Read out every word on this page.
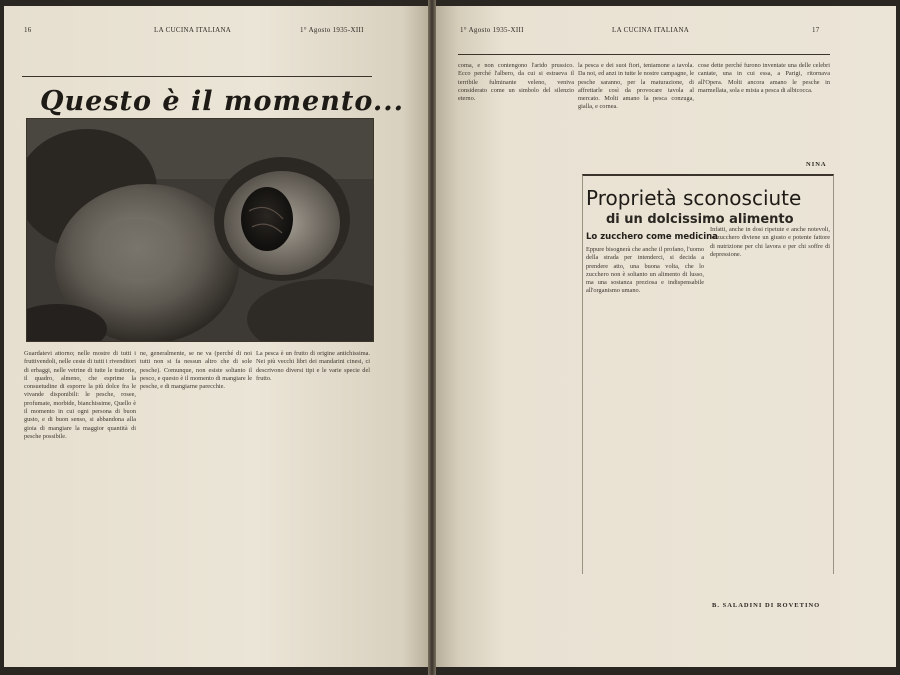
16	LA CUCINA ITALIANA	1° Agosto 1935-XIII
Questo è il momento...

Guardatevi attorno; nelle mostre di tutti i fruttivendoli, nelle ceste di tutti i rivenditori di erbaggi, nelle vetrine di tutte le trattorie, il quadro, almeno, che esprime la consuetudine di esporre la più dolce fra le vivande disponibili: le pesche, rosee, profumate, morbide, bianchissime, Quello è il momento in cui ogni persona di buon gusto, e di buon senso, si abbandona alla gioia di mangiare la maggior quantità di pesche possibile.

ne, generalmente, se ne va (perché di noi tutti non si fa nessun altro che di sole pesche). Comunque, non esiste soltanto il pesco, e questo è il momento di mangiare le pesche, e di mangiarne parecchie.

La pesca è un frutto di origine antichissima. Nei più vecchi libri dei mandarini cinesi, ci descrivono diversi tipi e le varie specie del frutto.

1° Agosto 1935-XIII	LA CUCINA ITALIANA	17

coma, e non contengono l'arido prussico. Ecco perché l'albero, da cui si estraeva il terribile fulminante veleno, veniva considerato come un simbolo del silenzio eterno.

la pesca e dei suoi fiori, teniamone a tavola. Da noi, ed anzi in tutte le nostre campagne, le pesche saranno, per la maturazione, di affrettarle così da provocare tavola al mercato. Molti amano la pesca conzuga, gialla, e cornea.

cose dette perché furono inventate una delle celebri cantate, una in cui essa, a Parigi, ritornava all'Opera. Molti ancora amano le pesche in marmellata, sola e mista a pesca di albicocca.

NINA

Proprietà sconosciute
di un dolcissimo alimento
Lo zucchero come medicina

Eppure bisognerà che anche il profano, l'uomo della strada per intenderci, si decida a prendere atto, una buona volta, che lo zucchero non è soltanto un alimento di lusso, ma una sostanza preziosa e indispensabile all'organismo umano.

Infatti, anche in dosi ripetute e anche notevoli, lo zucchero diviene un giusto e potente fattore di nutrizione per chi lavora e per chi soffre di depressione.

B. SALADINI DI ROVETINO
